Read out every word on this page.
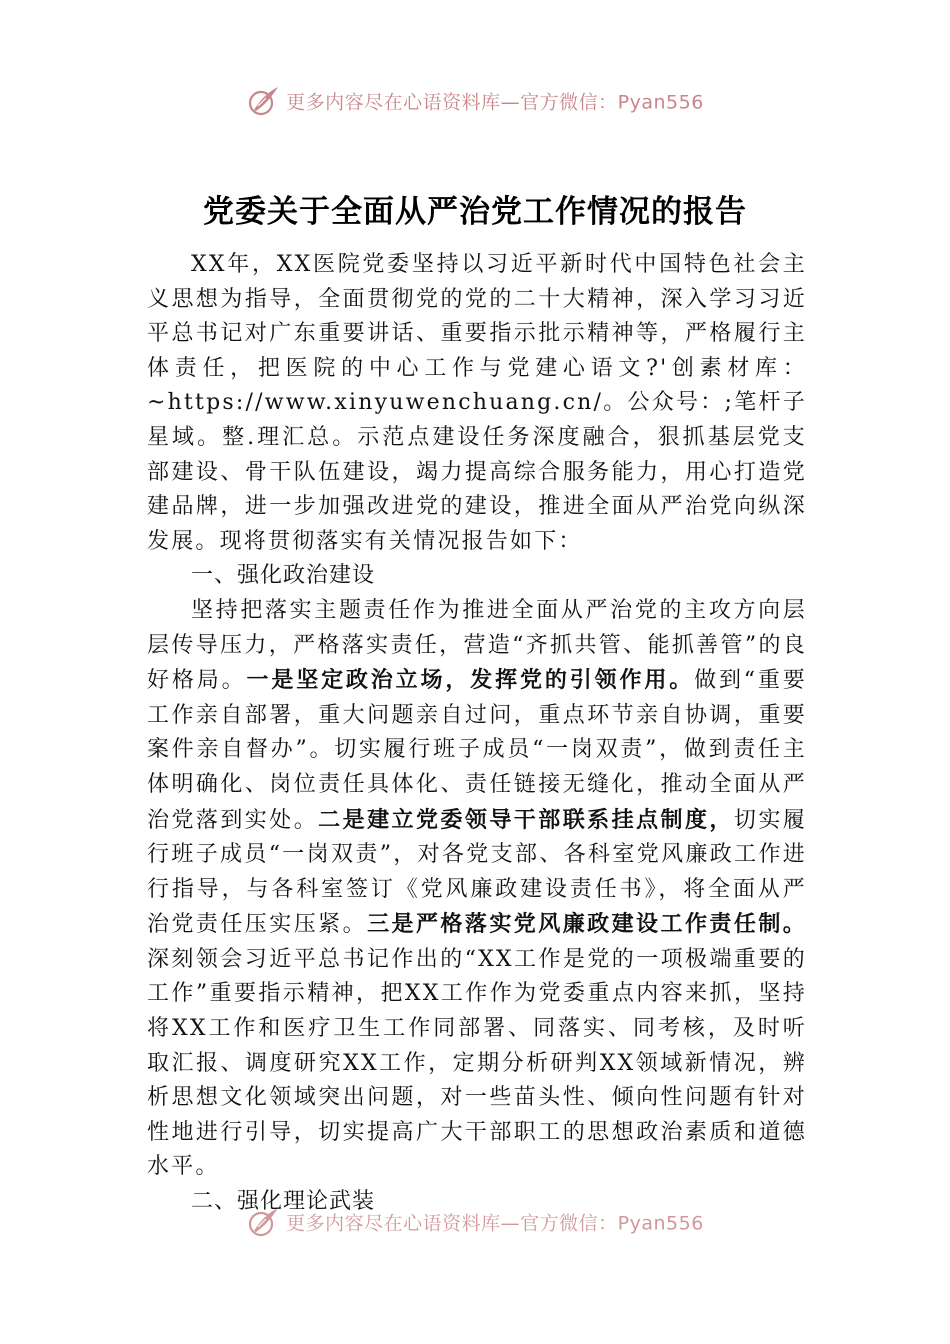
更多内容尽在心语资料库—官方微信：Pyan556
党委关于全面从严治党工作情况的报告

XX年，XX医院党委坚持以习近平新时代中国特色社会主义思想为指导，全面贯彻党的党的二十大精神，深入学习习近平总书记对广东重要讲话、重要指示批示精神等，严格履行主体责任，把医院的中心工作与党建心语文?'创素材库：~https://www.xinyuwenchuang.cn/。公众号：;笔杆子星域。整.理汇总。示范点建设任务深度融合，狠抓基层党支部建设、骨干队伍建设，竭力提高综合服务能力，用心打造党建品牌，进一步加强改进党的建设，推进全面从严治党向纵深发展。现将贯彻落实有关情况报告如下：

一、强化政治建设

坚持把落实主题责任作为推进全面从严治党的主攻方向层层传导压力，严格落实责任，营造“齐抓共管、能抓善管”的良好格局。一是坚定政治立场，发挥党的引领作用。做到“重要工作亲自部署，重大问题亲自过问，重点环节亲自协调，重要案件亲自督办”。切实履行班子成员“一岗双责”，做到责任主体明确化、岗位责任具体化、责任链接无缝化，推动全面从严治党落到实处。二是建立党委领导干部联系挂点制度，切实履行班子成员“一岗双责”，对各党支部、各科室党风廉政工作进行指导，与各科室签订《党风廉政建设责任书》，将全面从严治党责任压实压紧。三是严格落实党风廉政建设工作责任制。深刻领会习近平总书记作出的“XX工作是党的一项极端重要的工作”重要指示精神，把XX工作作为党委重点内容来抓，坚持将XX工作和医疗卫生工作同部署、同落实、同考核，及时听取汇报、调度研究XX工作，定期分析研判XX领域新情况，辨析思想文化领域突出问题，对一些苗头性、倾向性问题有针对性地进行引导，切实提高广大干部职工的思想政治素质和道德水平。

二、强化理论武装

更多内容尽在心语资料库—官方微信：Pyan556
